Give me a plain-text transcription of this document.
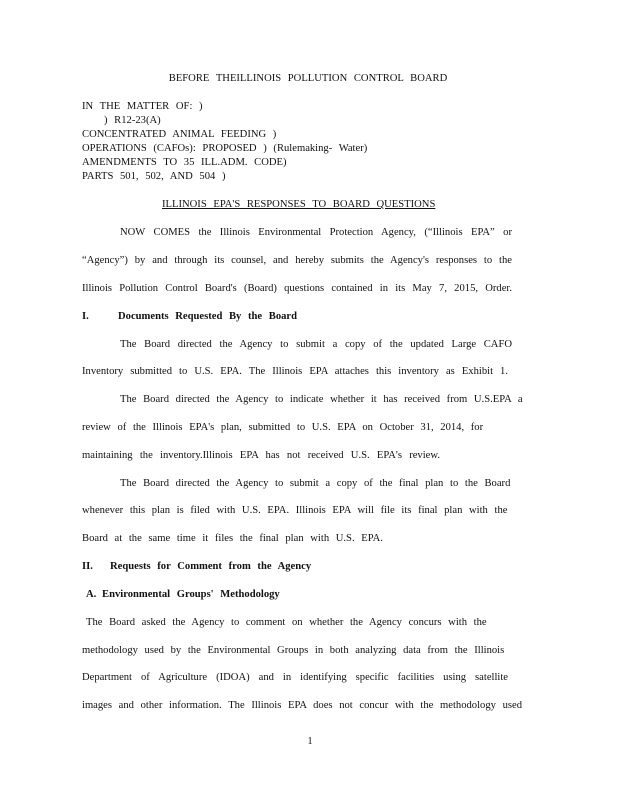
BEFORE THEILLINOIS POLLUTION CONTROL BOARD
IN THE MATTER OF: )
) R12-23(A)
CONCENTRATED ANIMAL FEEDING )
OPERATIONS (CAFOs): PROPOSED ) (Rulemaking- Water)
AMENDMENTS TO 35 ILL.ADM. CODE)
PARTS 501, 502, AND 504 )
ILLINOIS EPA'S RESPONSES TO BOARD QUESTIONS
NOW COMES the Illinois Environmental Protection Agency, (“Illinois EPA” or
“Agency”) by and through its counsel, and hereby submits the Agency's responses to the
Illinois Pollution Control Board's (Board) questions contained in its May 7, 2015, Order.
I.	Documents Requested By the Board
The Board directed the Agency to submit a copy of the updated Large CAFO
Inventory submitted to U.S. EPA. The Illinois EPA attaches this inventory as Exhibit 1.
The Board directed the Agency to indicate whether it has received from U.S.EPA a
review of the Illinois EPA's plan, submitted to U.S. EPA on October 31, 2014, for
maintaining the inventory.Illinois EPA has not received U.S. EPA's review.
The Board directed the Agency to submit a copy of the final plan to the Board
whenever this plan is filed with U.S. EPA. Illinois EPA will file its final plan with the
Board at the same time it files the final plan with U.S. EPA.
II. Requests for Comment from the Agency
A. Environmental Groups' Methodology
The Board asked the Agency to comment on whether the Agency concurs with the
methodology used by the Environmental Groups in both analyzing data from the Illinois
Department of Agriculture (IDOA) and in identifying specific facilities using satellite
images and other information. The Illinois EPA does not concur with the methodology used
1
